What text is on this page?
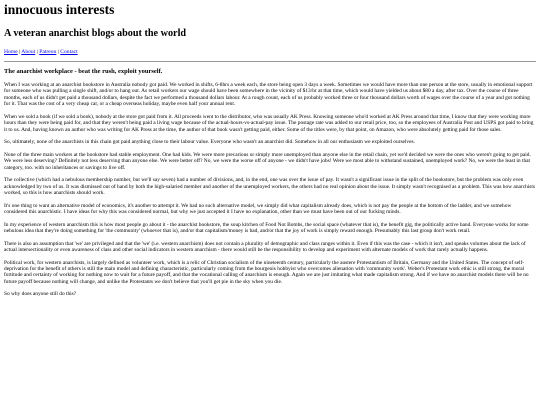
innocuous interests
A veteran anarchist blogs about the world
Home | About | Patreon | Contact
The anarchist workplace - beat the rush, exploit yourself.

When I was working at an anarchist bookstore in Australia nobody got paid. We worked in shifts, 6-8hrs a week each, the store being open 3 days a week. Sometimes we would have more than one person at the store, usually in emotional support for someone who was pulling a single shift, and/or to hang out. As retail workers our wage should have been somewhere in the vicinity of $13/hr at that time, which would have yielded us about $80 a day, after tax. Over the course of three months, each of us didn't get paid a thousand dollars, despite the fact we performed a thousand dollars labour. At a rough count, each of us probably worked three or four thousand dollars worth of wages over the course of a year and got nothing for it. That was the cost of a very cheap car, or a cheap overseas holiday, maybe even half your annual rent.

When we sold a book (if we sold a book), nobody at the store got paid from it. All proceeds went to the distributor, who was usually AK Press. Knowing someone who'd worked at AK Press around that time, I know that they were working more hours than they were being paid for, and that they weren't being paid a living wage because of the actual-hours-vs-actual-pay issue. The postage rate was added to our retail price, too, so the employees of Australia Post and USPS got paid to bring it to us. And, having known an author who was writing for AK Press at the time, the author of that book wasn't getting paid, either. Some of the titles were, by that point, on Amazon, who were absolutely getting paid for those sales.

So, ultimately, none of the anarchists in this chain got paid anything close to their labour value. Everyone who wasn't an anarchist did. Somehow in all our enthusiasm we exploited ourselves.

None of the three main workers at the bookstore had stable employment. One had kids. We were more precarious or simply more unemployed than anyone else in the retail chain, yet we'd decided we were the ones who weren't going to get paid. We were less deserving? Definitely not less deserving than anyone else. We were better off? No, we were the worse off of anyone - we didn't have jobs! Were we most able to withstand sustained, unemployed work? No, we were the least in that category, too. with no inheritances or savings to live off.

The collective (which had a nebulous membership number, but we'll say seven) had a number of divisions, and, in the end, one was over the issue of pay. It wasn't a significant issue in the split of the bookstore, but the problem was only even acknowledged by two of us. It was dismissed out of hand by both the high-salaried member and another of the unemployed workers, the others had no real opinion about the issue. It simply wasn't recognised as a problem. This was how anarchists worked, so this is how anarchists should work.

It's one thing to want an alternative model of economics, it's another to attempt it. We had no such alternative model, we simply did what capitalism already does, which is not pay the people at the bottom of the ladder, and we somehow considered this anarchistic. I have ideas for why this was considered normal, but why we just accepted it I have no explanation, other than we must have been out of our fucking minds.

In my experience of western anarchism this is how most people go about it - the anarchist bookstore, the soup kitchen of Food Not Bombs, the social space (whatever that is), the benefit gig, the politically active band. Everyone works for some nebulous idea that they're doing something for 'the community' (whoever that is), and/or that capitalism/money is bad, and/or that the joy of work is simply reward enough. Presumably this last group don't work retail.

There is also an assumption that 'we' are privileged and that the 'we' (i.e. western anarchism) does not contain a plurality of demographic and class ranges within it. Even if this was the case - which it isn't, and speaks volumes about the lack of actual intersectionality or even awareness of class and other social indicators in western anarchism - there would still be the responsibility to develop and experiment with alternate models of work that rarely actually happens.

Political work, for western anarchists, is largely defined as volunteer work, which is a relic of Christian socialism of the nineteenth century, particularly the austere Protestantism of Britain, Germany and the United States. The concept of self-deprivation for the benefit of others is still the main model and defining characteristic, particularly coming from the bourgeois hobbyist who overcomes alienation with 'community work'. Weber's Protestant work ethic is still strong, the moral fortitude and certainty of working for nothing now to wait for a future payoff, and that the vocational calling of anarchism is enough. Again we are just imitating what made capitalism strong. And if we have no anarchist models there will be no future payoff because nothing will change, and unlike the Protestants we don't believe that you'll get pie in the sky when you die.

So why does anyone still do this?
